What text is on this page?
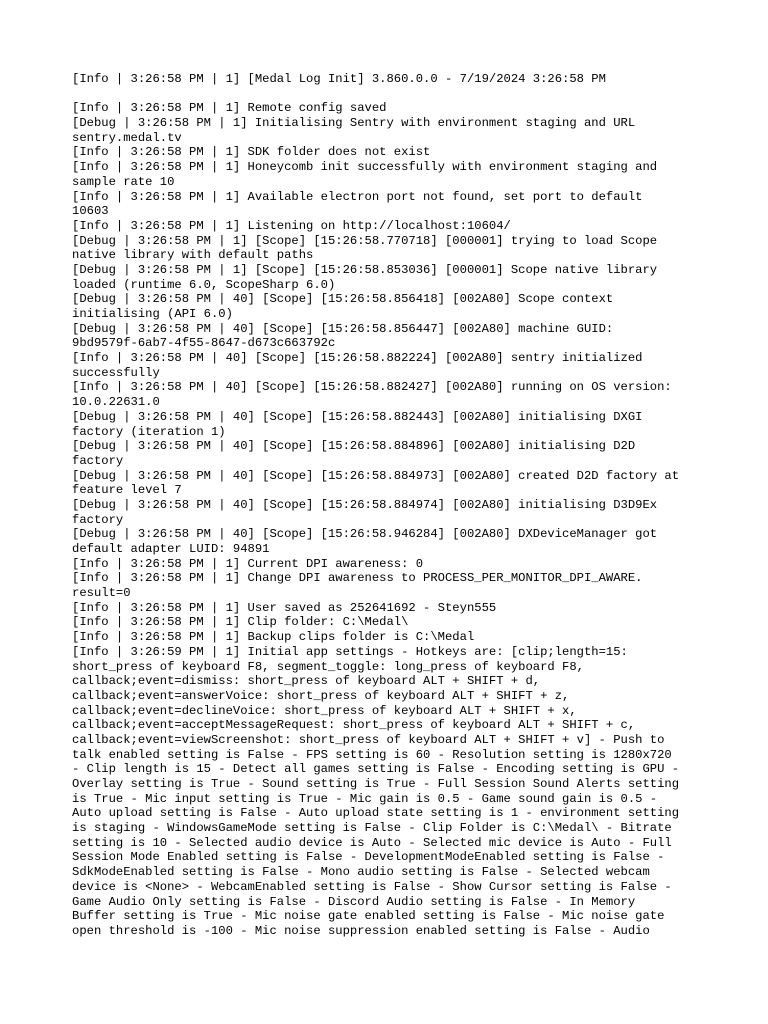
[Info | 3:26:58 PM | 1] [Medal Log Init] 3.860.0.0 - 7/19/2024 3:26:58 PM
[Info | 3:26:58 PM | 1] Remote config saved
[Debug | 3:26:58 PM | 1] Initialising Sentry with environment staging and URL
sentry.medal.tv
[Info | 3:26:58 PM | 1] SDK folder does not exist
[Info | 3:26:58 PM | 1] Honeycomb init successfully with environment staging and
sample rate 10
[Info | 3:26:58 PM | 1] Available electron port not found, set port to default
10603
[Info | 3:26:58 PM | 1] Listening on http://localhost:10604/
[Debug | 3:26:58 PM | 1] [Scope] [15:26:58.770718] [000001] trying to load Scope
native library with default paths
[Debug | 3:26:58 PM | 1] [Scope] [15:26:58.853036] [000001] Scope native library
loaded (runtime 6.0, ScopeSharp 6.0)
[Debug | 3:26:58 PM | 40] [Scope] [15:26:58.856418] [002A80] Scope context
initialising (API 6.0)
[Debug | 3:26:58 PM | 40] [Scope] [15:26:58.856447] [002A80] machine GUID:
9bd9579f-6ab7-4f55-8647-d673c663792c
[Info | 3:26:58 PM | 40] [Scope] [15:26:58.882224] [002A80] sentry initialized
successfully
[Info | 3:26:58 PM | 40] [Scope] [15:26:58.882427] [002A80] running on OS version:
10.0.22631.0
[Debug | 3:26:58 PM | 40] [Scope] [15:26:58.882443] [002A80] initialising DXGI
factory (iteration 1)
[Debug | 3:26:58 PM | 40] [Scope] [15:26:58.884896] [002A80] initialising D2D
factory
[Debug | 3:26:58 PM | 40] [Scope] [15:26:58.884973] [002A80] created D2D factory at
feature level 7
[Debug | 3:26:58 PM | 40] [Scope] [15:26:58.884974] [002A80] initialising D3D9Ex
factory
[Debug | 3:26:58 PM | 40] [Scope] [15:26:58.946284] [002A80] DXDeviceManager got
default adapter LUID: 94891
[Info | 3:26:58 PM | 1] Current DPI awareness: 0
[Info | 3:26:58 PM | 1] Change DPI awareness to PROCESS_PER_MONITOR_DPI_AWARE.
result=0
[Info | 3:26:58 PM | 1] User saved as 252641692 - Steyn555
[Info | 3:26:58 PM | 1] Clip folder: C:\Medal\
[Info | 3:26:58 PM | 1] Backup clips folder is C:\Medal
[Info | 3:26:59 PM | 1] Initial app settings - Hotkeys are: [clip;length=15:
short_press of keyboard F8, segment_toggle: long_press of keyboard F8,
callback;event=dismiss: short_press of keyboard ALT + SHIFT + d,
callback;event=answerVoice: short_press of keyboard ALT + SHIFT + z,
callback;event=declineVoice: short_press of keyboard ALT + SHIFT + x,
callback;event=acceptMessageRequest: short_press of keyboard ALT + SHIFT + c,
callback;event=viewScreenshot: short_press of keyboard ALT + SHIFT + v] - Push to
talk enabled setting is False - FPS setting is 60 - Resolution setting is 1280x720
- Clip length is 15 - Detect all games setting is False - Encoding setting is GPU -
Overlay setting is True - Sound setting is True - Full Session Sound Alerts setting
is True - Mic input setting is True - Mic gain is 0.5 - Game sound gain is 0.5 -
Auto upload setting is False - Auto upload state setting is 1 - environment setting
is staging - WindowsGameMode setting is False - Clip Folder is C:\Medal\ - Bitrate
setting is 10 - Selected audio device is Auto - Selected mic device is Auto - Full
Session Mode Enabled setting is False - DevelopmentModeEnabled setting is False -
SdkModeEnabled setting is False - Mono audio setting is False - Selected webcam
device is <None> - WebcamEnabled setting is False - Show Cursor setting is False -
Game Audio Only setting is False - Discord Audio setting is False - In Memory
Buffer setting is True - Mic noise gate enabled setting is False - Mic noise gate
open threshold is -100 - Mic noise suppression enabled setting is False - Audio
